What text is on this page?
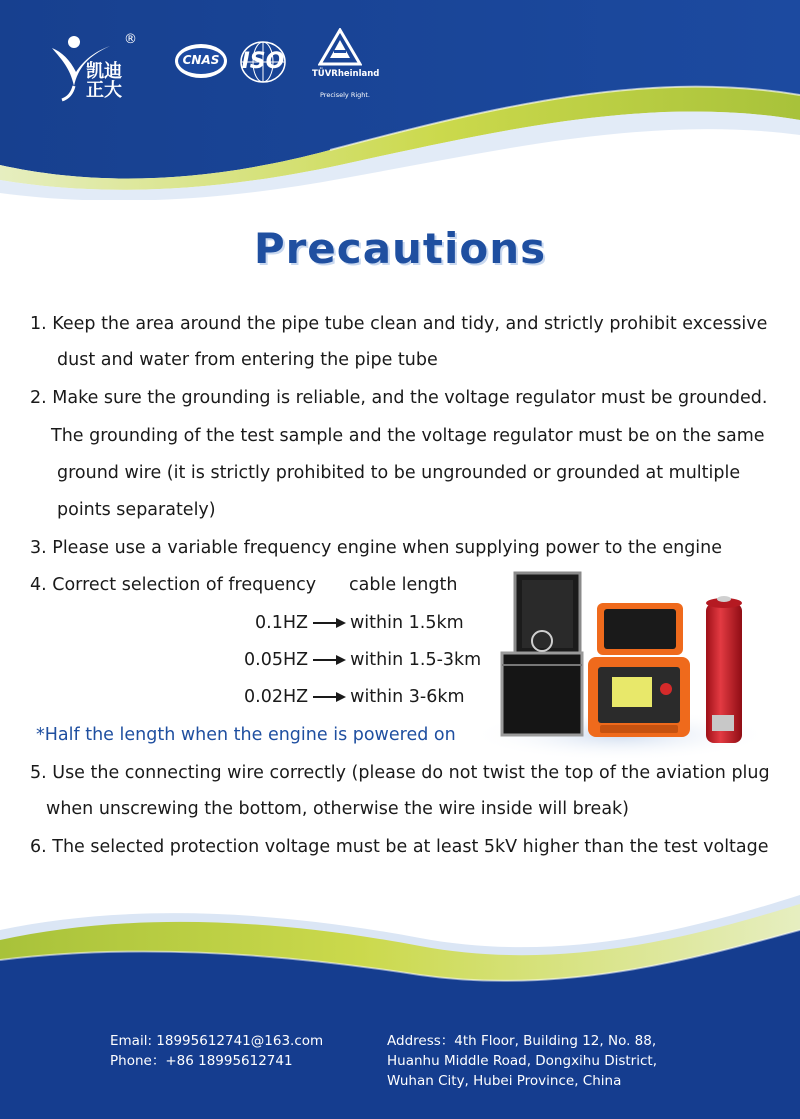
凯迪
正大
®
CNAS	ISO	TÜVRheinland
Precisely Right.
Precautions
1. Keep the area around the pipe tube clean and tidy, and strictly prohibit excessive
dust and water from entering the pipe tube
2. Make sure the grounding is reliable, and the voltage regulator must be grounded.
The grounding of the test sample and the voltage regulator must be on the same
ground wire (it is strictly prohibited to be ungrounded or grounded at multiple
points separately)
3. Please use a variable frequency engine when supplying power to the engine
4. Correct selection of frequency cable length
0.1HZ within 1.5km
0.05HZ within 1.5-3km
0.02HZ within 3-6km
*Half the length when the engine is powered on
5. Use the connecting wire correctly (please do not twist the top of the aviation plug
when unscrewing the bottom, otherwise the wire inside will break)
6. The selected protection voltage must be at least 5kV higher than the test voltage
Email: 18995612741@163.com
Phone：+86 18995612741
Address：4th Floor, Building 12, No. 88,
Huanhu Middle Road, Dongxihu District,
Wuhan City, Hubei Province, China
